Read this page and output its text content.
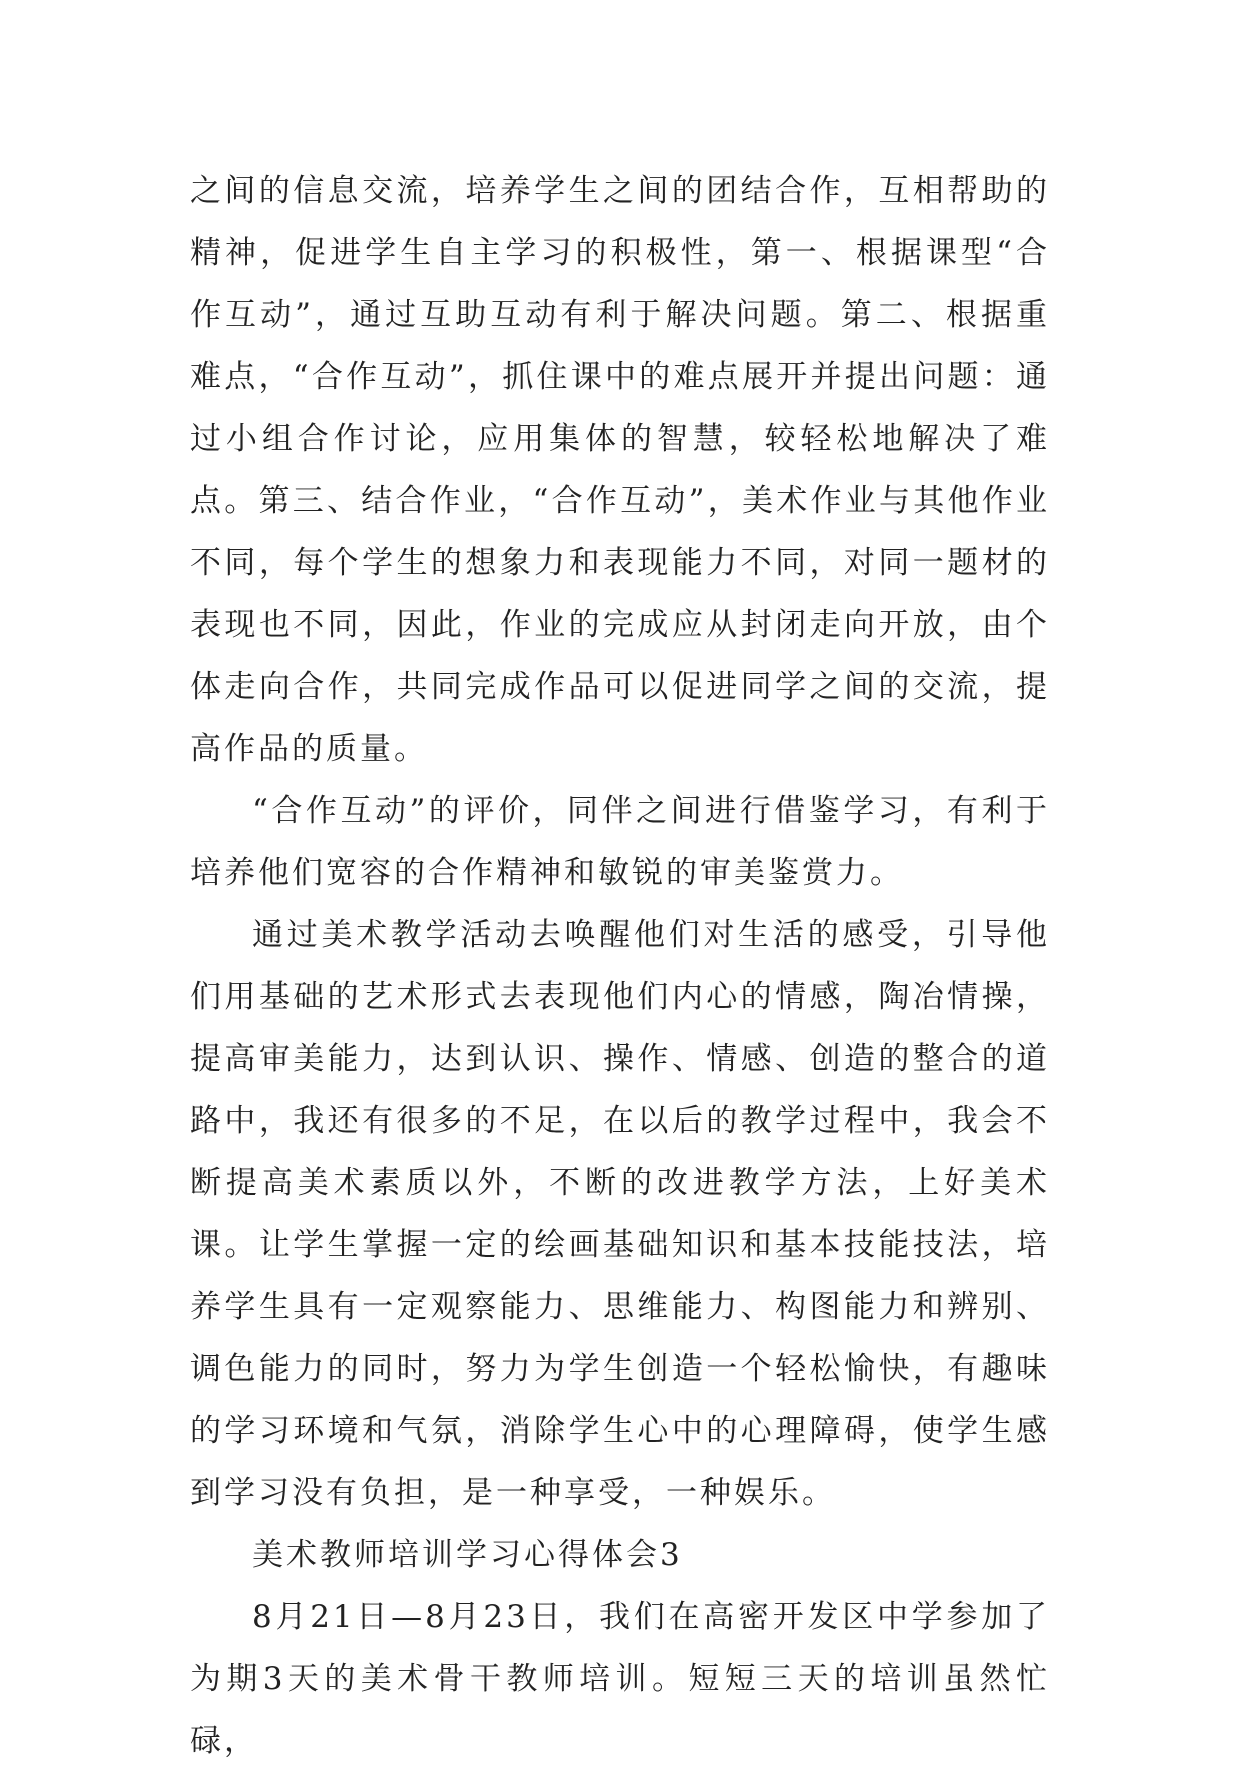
之间的信息交流，培养学生之间的团结合作，互相帮助的精神，促进学生自主学习的积极性，第一、根据课型“合作互动”，通过互助互动有利于解决问题。第二、根据重难点，“合作互动”，抓住课中的难点展开并提出问题：通过小组合作讨论，应用集体的智慧，较轻松地解决了难点。第三、结合作业，“合作互动”，美术作业与其他作业不同，每个学生的想象力和表现能力不同，对同一题材的表现也不同，因此，作业的完成应从封闭走向开放，由个体走向合作，共同完成作品可以促进同学之间的交流，提高作品的质量。

“合作互动”的评价，同伴之间进行借鉴学习，有利于培养他们宽容的合作精神和敏锐的审美鉴赏力。

通过美术教学活动去唤醒他们对生活的感受，引导他们用基础的艺术形式去表现他们内心的情感，陶冶情操，提高审美能力，达到认识、操作、情感、创造的整合的道路中，我还有很多的不足，在以后的教学过程中，我会不断提高美术素质以外，不断的改进教学方法，上好美术课。让学生掌握一定的绘画基础知识和基本技能技法，培养学生具有一定观察能力、思维能力、构图能力和辨别、调色能力的同时，努力为学生创造一个轻松愉快，有趣味的学习环境和气氛，消除学生心中的心理障碍，使学生感到学习没有负担，是一种享受，一种娱乐。

美术教师培训学习心得体会3

8月21日—8月23日，我们在高密开发区中学参加了为期3天的美术骨干教师培训。短短三天的培训虽然忙碌，
